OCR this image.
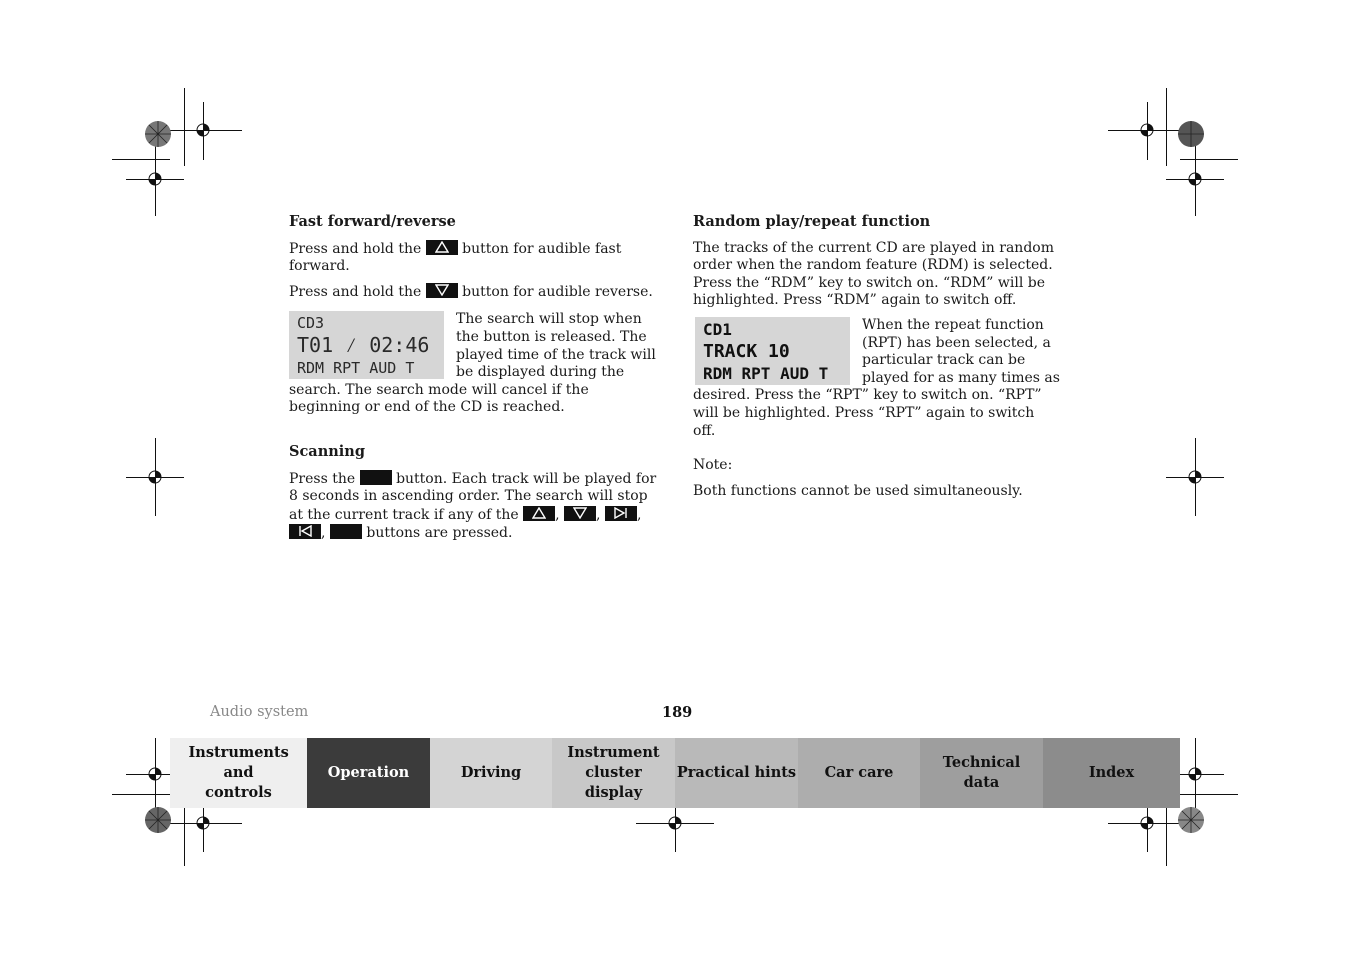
Fast forward/reverse
Press and hold the	button for audible fast forward.
Press and hold the	button for audible reverse.
CD3
T01 ⁄ 02:46
RDM RPT AUD T
The search will stop when the button is released. The played time of the track will be displayed during the search. The search mode will cancel if the beginning or end of the CD is reached.
Scanning
Press the	button. Each track will be played for 8 seconds in ascending order. The search will stop at the current track if any of the	,
,
,
,	buttons are pressed.
Random play/repeat function
The tracks of the current CD are played in random order when the random feature (RDM) is selected. Press the “RDM” key to switch on. “RDM” will be highlighted. Press “RDM” again to switch off.
CD1
TRACK 10
RDM RPT AUD T
When the repeat function (RPT) has been selected, a particular track can be played for as many times as desired. Press the “RPT” key to switch on. “RPT” will be highlighted. Press “RPT” again to switch off.
Note:
Both functions cannot be used simultaneously.
Audio system	189
Instruments and controls
Operation	Driving
Instrument cluster display
Practical hints Car care
Technical data
Index
